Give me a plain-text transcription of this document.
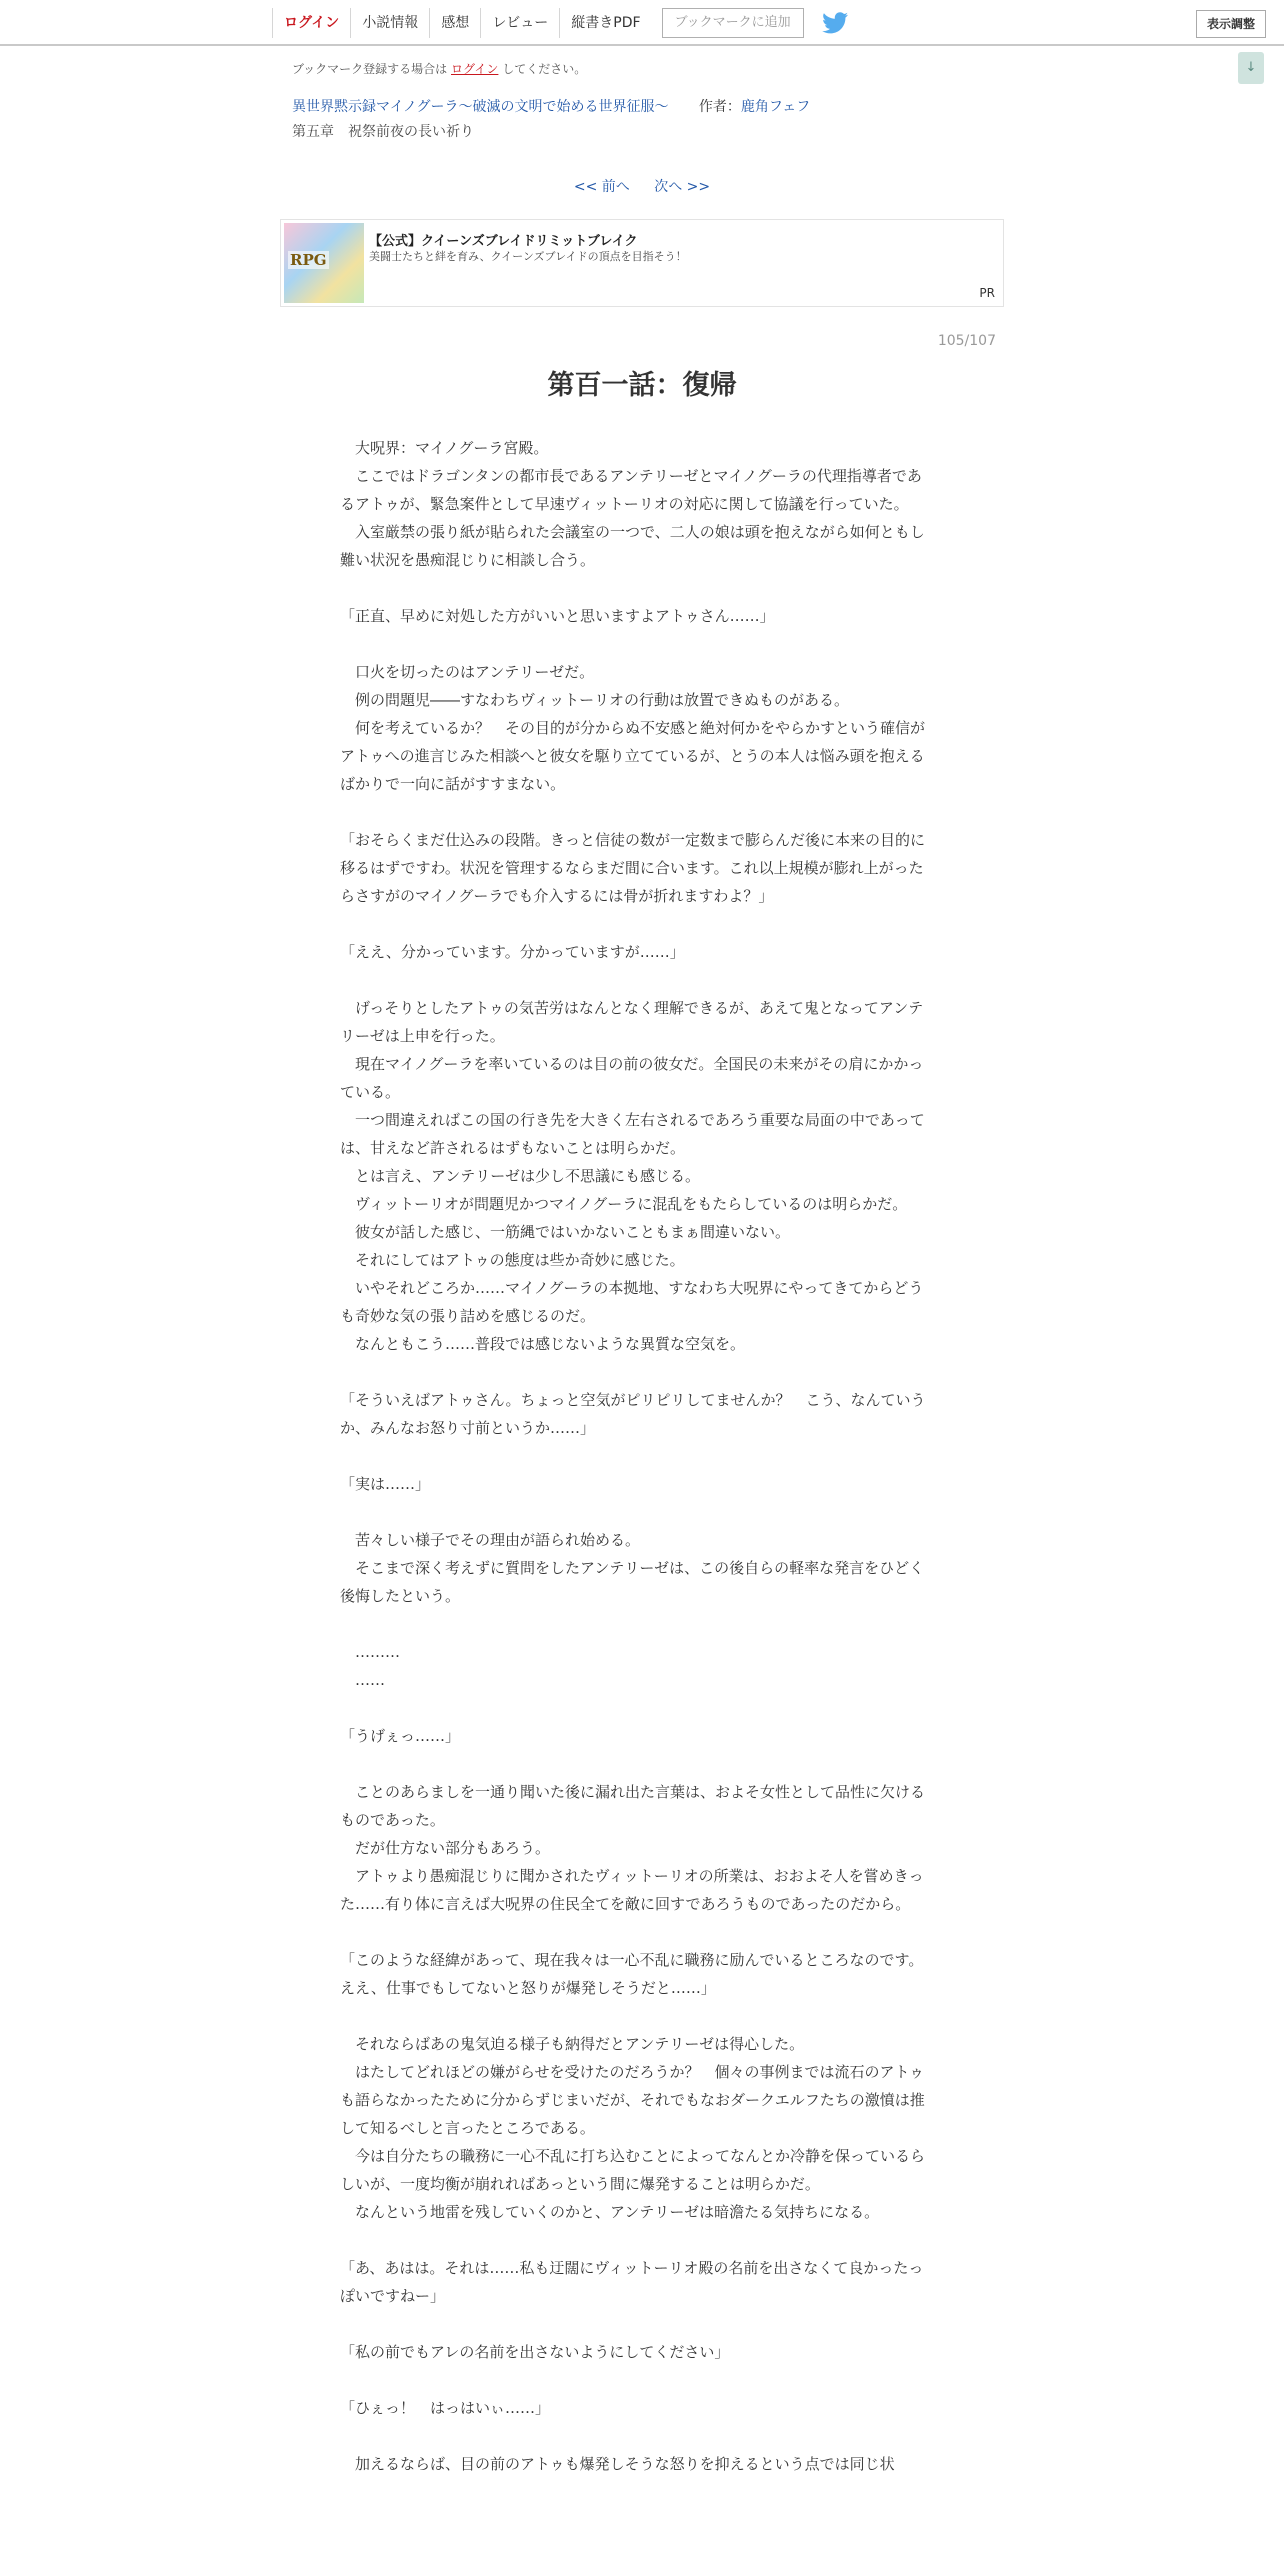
ログイン	小説情報	感想	レビュー	縦書きPDF	ブックマークに追加	表示調整
↓
ブックマーク登録する場合は ログイン してください。
異世界黙示録マイノグーラ～破滅の文明で始める世界征服～ 作者：鹿角フェフ
第五章　祝祭前夜の長い祈り
<< 前へ 次へ >>
RPG
【公式】クイーンズブレイドリミットブレイク
美闘士たちと絆を育み、クイーンズブレイドの頂点を目指そう！
PR
105/107
第百一話：復帰

　大呪界：マイノグーラ宮殿。

　ここではドラゴンタンの都市長であるアンテリーゼとマイノグーラの代理指導者であるアトゥが、緊急案件として早速ヴィットーリオの対応に関して協議を行っていた。

　入室厳禁の張り紙が貼られた会議室の一つで、二人の娘は頭を抱えながら如何ともし難い状況を愚痴混じりに相談し合う。

「正直、早めに対処した方がいいと思いますよアトゥさん……」

　口火を切ったのはアンテリーゼだ。

　例の問題児――すなわちヴィットーリオの行動は放置できぬものがある。

　何を考えているか？　その目的が分からぬ不安感と絶対何かをやらかすという確信がアトゥへの進言じみた相談へと彼女を駆り立てているが、とうの本人は悩み頭を抱えるばかりで一向に話がすすまない。

「おそらくまだ仕込みの段階。きっと信徒の数が一定数まで膨らんだ後に本来の目的に移るはずですわ。状況を管理するならまだ間に合います。これ以上規模が膨れ上がったらさすがのマイノグーラでも介入するには骨が折れますわよ？」

「ええ、分かっています。分かっていますが……」

　げっそりとしたアトゥの気苦労はなんとなく理解できるが、あえて鬼となってアンテリーゼは上申を行った。

　現在マイノグーラを率いているのは目の前の彼女だ。全国民の未来がその肩にかかっている。

　一つ間違えればこの国の行き先を大きく左右されるであろう重要な局面の中であっては、甘えなど許されるはずもないことは明らかだ。

　とは言え、アンテリーゼは少し不思議にも感じる。

　ヴィットーリオが問題児かつマイノグーラに混乱をもたらしているのは明らかだ。

　彼女が話した感じ、一筋縄ではいかないこともまぁ間違いない。

　それにしてはアトゥの態度は些か奇妙に感じた。

　いやそれどころか……マイノグーラの本拠地、すなわち大呪界にやってきてからどうも奇妙な気の張り詰めを感じるのだ。

　なんともこう……普段では感じないような異質な空気を。

「そういえばアトゥさん。ちょっと空気がピリピリしてませんか？　こう、なんていうか、みんなお怒り寸前というか……」

「実は……」

　苦々しい様子でその理由が語られ始める。

　そこまで深く考えずに質問をしたアンテリーゼは、この後自らの軽率な発言をひどく後悔したという。

　………

　……

「うげぇっ……」

　ことのあらましを一通り聞いた後に漏れ出た言葉は、およそ女性として品性に欠けるものであった。

　だが仕方ない部分もあろう。

　アトゥより愚痴混じりに聞かされたヴィットーリオの所業は、おおよそ人を嘗めきった……有り体に言えば大呪界の住民全てを敵に回すであろうものであったのだから。

「このような経緯があって、現在我々は一心不乱に職務に励んでいるところなのです。ええ、仕事でもしてないと怒りが爆発しそうだと……」

　それならばあの鬼気迫る様子も納得だとアンテリーゼは得心した。

　はたしてどれほどの嫌がらせを受けたのだろうか？　個々の事例までは流石のアトゥも語らなかったために分からずじまいだが、それでもなおダークエルフたちの激憤は推して知るべしと言ったところである。

　今は自分たちの職務に一心不乱に打ち込むことによってなんとか冷静を保っているらしいが、一度均衡が崩れればあっという間に爆発することは明らかだ。

　なんという地雷を残していくのかと、アンテリーゼは暗澹たる気持ちになる。

「あ、あはは。それは……私も迂闊にヴィットーリオ殿の名前を出さなくて良かったっぽいですねー」

「私の前でもアレの名前を出さないようにしてください」

「ひぇっ！　はっはいぃ……」

　加えるならば、目の前のアトゥも爆発しそうな怒りを抑えるという点では同じ状
